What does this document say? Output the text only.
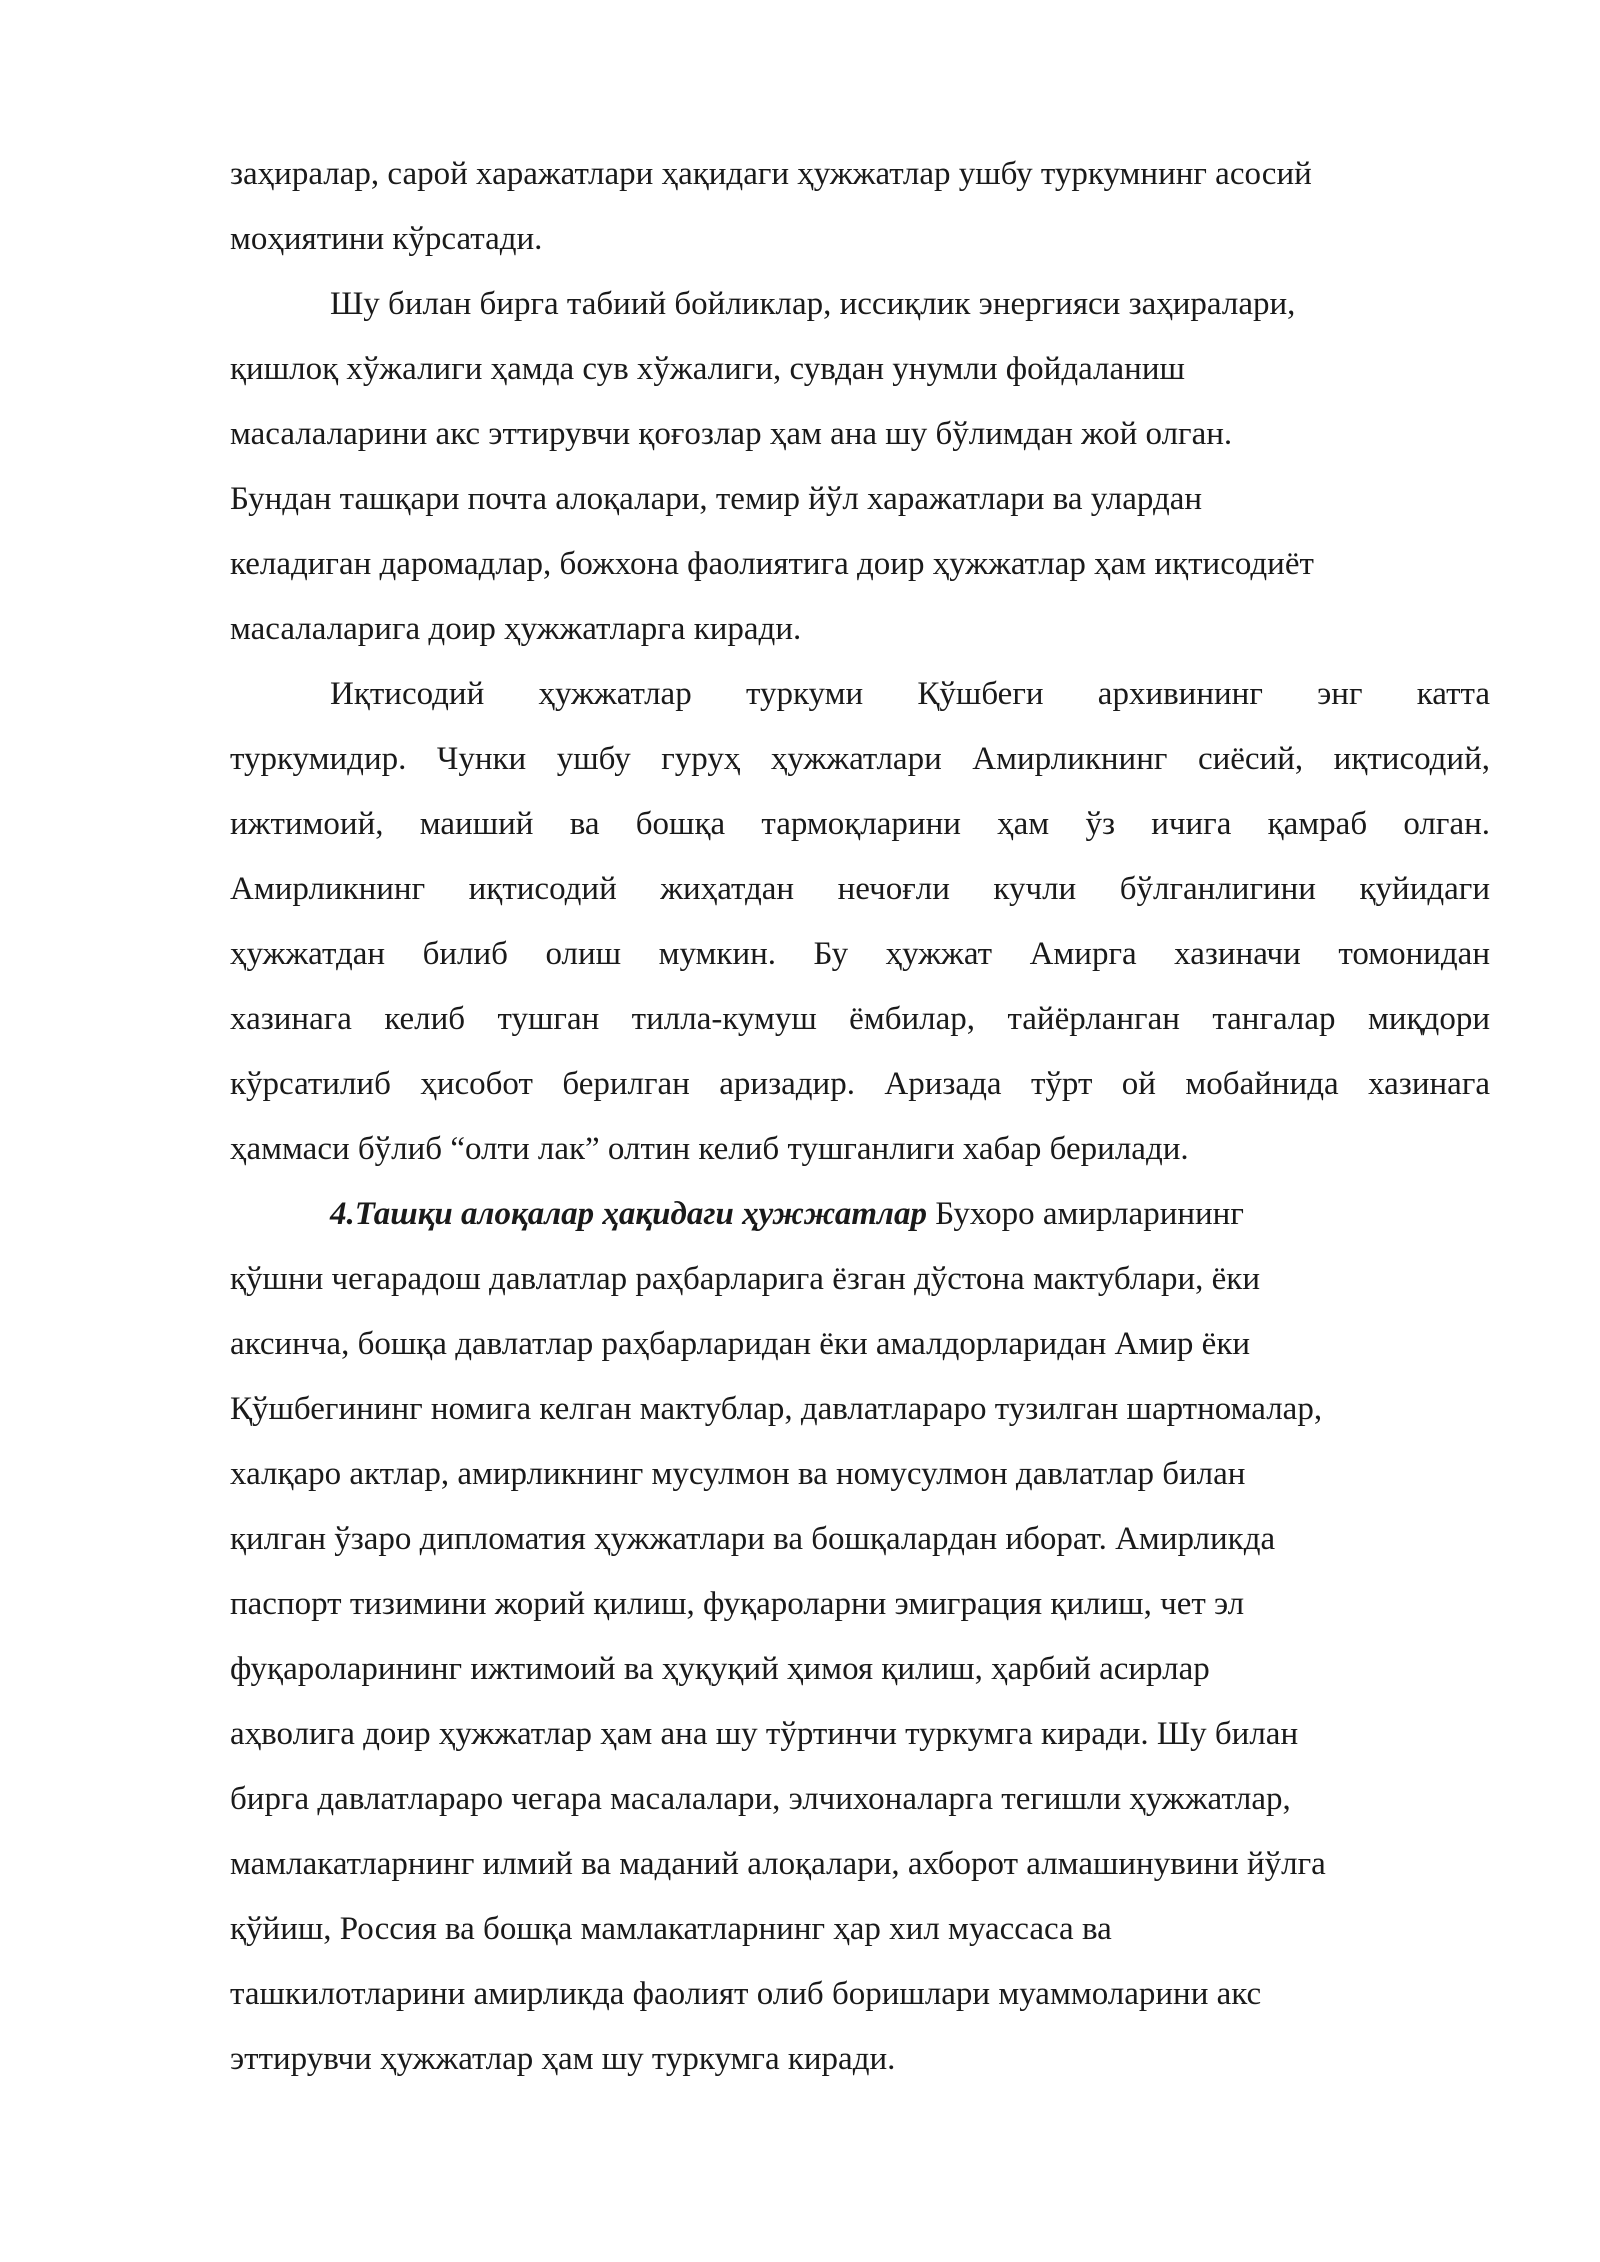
заҳиралар, сарой харажатлари ҳақидаги ҳужжатлар ушбу туркумнинг асосий
моҳиятини кўрсатади.
Шу билан бирга табиий бойликлар, иссиқлик энергияси заҳиралари,
қишлоқ хўжалиги ҳамда сув хўжалиги, сувдан унумли фойдаланиш
масалаларини акс эттирувчи қоғозлар ҳам ана шу бўлимдан жой олган.
Бундан ташқари почта алоқалари, темир йўл харажатлари ва улардан
келадиган даромадлар, божхона фаолиятига доир ҳужжатлар ҳам иқтисодиёт
масалаларига доир ҳужжатларга киради.
Иқтисодий ҳужжатлар туркуми Қўшбеги архивининг энг катта
туркумидир. Чунки ушбу гуруҳ ҳужжатлари Амирликнинг сиёсий, иқтисодий,
ижтимоий, маиший ва бошқа тармоқларини ҳам ўз ичига қамраб олган.
Амирликнинг иқтисодий жиҳатдан нечоғли кучли бўлганлигини қуйидаги
ҳужжатдан билиб олиш мумкин. Бу ҳужжат Амирга хазиначи томонидан
хазинага келиб тушган тилла-кумуш ёмбилар, тайёрланган тангалар миқдори
кўрсатилиб ҳисобот берилган аризадир. Аризада тўрт ой мобайнида хазинага
ҳаммаси бўлиб “олти лак” олтин келиб тушганлиги хабар берилади.
4.Ташқи алоқалар ҳақидаги ҳужжатлар Бухоро амирларининг
қўшни чегарадош давлатлар раҳбарларига ёзган дўстона мактублари, ёки
аксинча, бошқа давлатлар раҳбарларидан ёки амалдорларидан Амир ёки
Қўшбегининг номига келган мактублар, давлатлараро тузилган шартномалар,
халқаро актлар, амирликнинг мусулмон ва номусулмон давлатлар билан
қилган ўзаро дипломатия ҳужжатлари ва бошқалардан иборат. Амирликда
паспорт тизимини жорий қилиш, фуқароларни эмиграция қилиш, чет эл
фуқароларининг ижтимоий ва ҳуқуқий ҳимоя қилиш, ҳарбий асирлар
аҳволига доир ҳужжатлар ҳам ана шу тўртинчи туркумга киради. Шу билан
бирга давлатлараро чегара масалалари, элчихоналарга тегишли ҳужжатлар,
мамлакатларнинг илмий ва маданий алоқалари, ахборот алмашинувини йўлга
қўйиш, Россия ва бошқа мамлакатларнинг ҳар хил муассаса ва
ташкилотларини амирликда фаолият олиб боришлари муаммоларини акс
эттирувчи ҳужжатлар ҳам шу туркумга киради.
